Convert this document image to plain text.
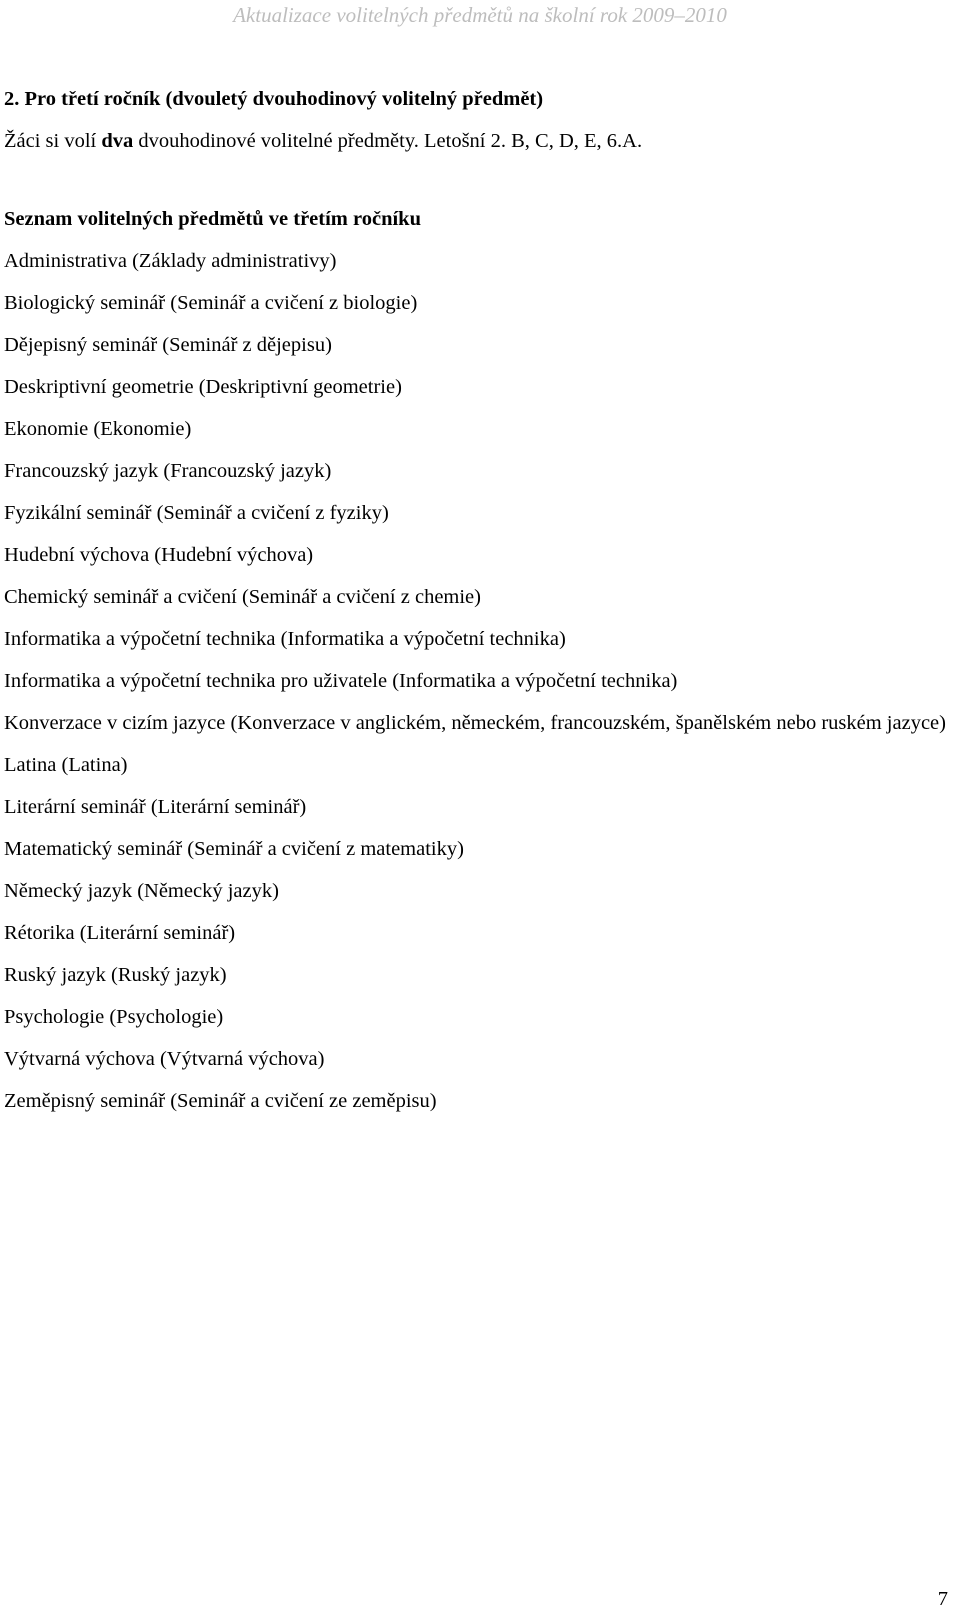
Aktualizace volitelných předmětů na školní rok 2009–2010
2. Pro třetí ročník (dvouletý dvouhodinový volitelný předmět)
Žáci si volí dva dvouhodinové volitelné předměty. Letošní 2. B, C, D, E, 6.A.
Seznam volitelných předmětů ve třetím ročníku
Administrativa (Základy administrativy)
Biologický seminář (Seminář a cvičení z biologie)
Dějepisný seminář (Seminář z dějepisu)
Deskriptivní geometrie (Deskriptivní geometrie)
Ekonomie (Ekonomie)
Francouzský jazyk (Francouzský jazyk)
Fyzikální seminář (Seminář a cvičení z fyziky)
Hudební výchova (Hudební výchova)
Chemický seminář a cvičení (Seminář a cvičení z chemie)
Informatika a výpočetní technika (Informatika a výpočetní technika)
Informatika a výpočetní technika pro uživatele (Informatika a výpočetní technika)
Konverzace v cizím jazyce (Konverzace v anglickém, německém, francouzském, španělském nebo ruském jazyce)
Latina (Latina)
Literární seminář (Literární seminář)
Matematický seminář (Seminář a cvičení z matematiky)
Německý jazyk (Německý jazyk)
Rétorika (Literární seminář)
Ruský jazyk (Ruský jazyk)
Psychologie (Psychologie)
Výtvarná výchova (Výtvarná výchova)
Zeměpisný seminář (Seminář a cvičení ze zeměpisu)
7
